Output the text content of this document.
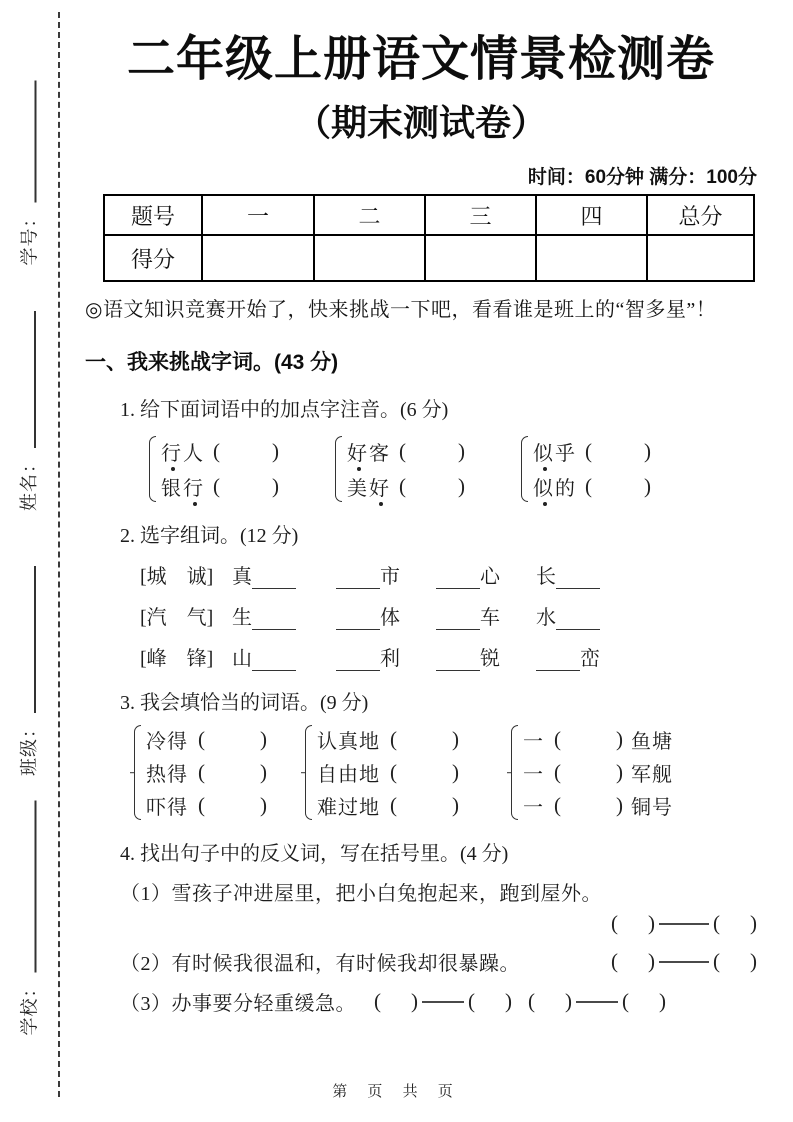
学号：
姓名：
班级：
学校：
二年级上册语文情景检测卷
（期末测试卷）
时间：60分钟 满分：100分
题号	一	二	三	四	总分
得分					
◎语文知识竞赛开始了，快来挑战一下吧，看看谁是班上的“智多星”！
一、我来挑战字词。(43 分)
1. 给下面词语中的加点字注音。(6 分)
行人 ( )
银行 ( )
好客 ( )
美好 ( )
似乎 ( )
似的 ( )
2. 选字组词。(12 分)
[城　诚] 真	市	心	长
[汽　气] 生	体	车	水
[峰　锋] 山	利	锐	峦
3. 我会填恰当的词语。(9 分)
冷得 (	)
热得 (	)
吓得 (	)
认真地 (	)
自由地 (	)
难过地 (	)
一 (	) 鱼塘
一 (	) 军舰
一 (	) 铜号
4. 找出句子中的反义词，写在括号里。(4 分)
（1）雪孩子冲进屋里，把小白兔抱起来，跑到屋外。
( )	( )
（2）有时候我很温和，有时候我却很暴躁。	( )	( )
（3）办事要分轻重缓急。 ( ) ( ) ( ) ( )
第 页 共 页
